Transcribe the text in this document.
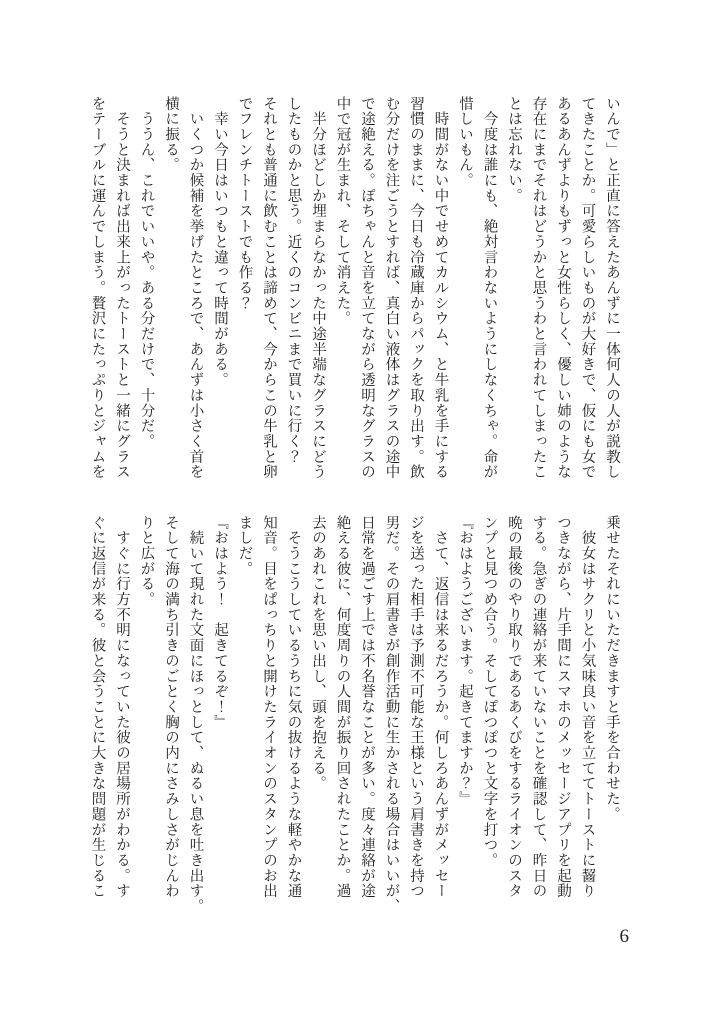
いんで」と正直に答えたあんずに一体何人の人が説教し
てきたことか。可愛らしいものが大好きで、仮にも女で
あるあんずよりもずっと女性らしく、優しい姉のような
存在にまでそれはどうかと思うわと言われてしまったこ
とは忘れない。
　今度は誰にも、絶対言わないようにしなくちゃ。命が
惜しいもん。
　時間がない中でせめてカルシウム、と牛乳を手にする
習慣のままに、今日も冷蔵庫からパックを取り出す。飲
む分だけを注ごうとすれば、真白い液体はグラスの途中
で途絶える。ぽちゃんと音を立てながら透明なグラスの
中で冠が生まれ、そして消えた。
　半分ほどしか埋まらなかった中途半端なグラスにどう
したものかと思う。近くのコンビニまで買いに行く？
それとも普通に飲むことは諦めて、今からこの牛乳と卵
でフレンチトーストでも作る？
　幸い今日はいつもと違って時間がある。
　いくつか候補を挙げたところで、あんずは小さく首を
横に振る。
　ううん、これでいいや。ある分だけで、十分だ。
　そうと決まれば出来上がったトーストと一緒にグラス
をテーブルに運んでしまう。贅沢にたっぷりとジャムを
乗せたそれにいただきますと手を合わせた。
　彼女はサクリと小気味良い音を立ててトーストに齧り
つきながら、片手間にスマホのメッセージアプリを起動
する。急ぎの連絡が来ていないことを確認して、昨日の
晩の最後のやり取りであるあくびをするライオンのスタ
ンプと見つめ合う。そしてぽつぽつと文字を打つ。
『おはようございます。起きてますか？』
　さて、返信は来るだろうか。何しろあんずがメッセー
ジを送った相手は予測不可能な王様という肩書きを持つ
男だ。その肩書きが創作活動に生かされる場合はいいが、
日常を過ごす上では不名誉なことが多い。度々連絡が途
絶える彼に、何度周りの人間が振り回されたことか。過
去のあれこれを思い出し、頭を抱える。
　そうこうしているうちに気の抜けるような軽やかな通
知音。目をぱっちりと開けたライオンのスタンプのお出
ましだ。
『おはよう！　起きてるぞ！』
　続いて現れた文面にほっとして、ぬるい息を吐き出す。
そして海の満ち引きのごとく胸の内にさみしさがじんわ
りと広がる。
　すぐに行方不明になっていた彼の居場所がわかる。す
ぐに返信が来る。彼と会うことに大きな問題が生じるこ
6
